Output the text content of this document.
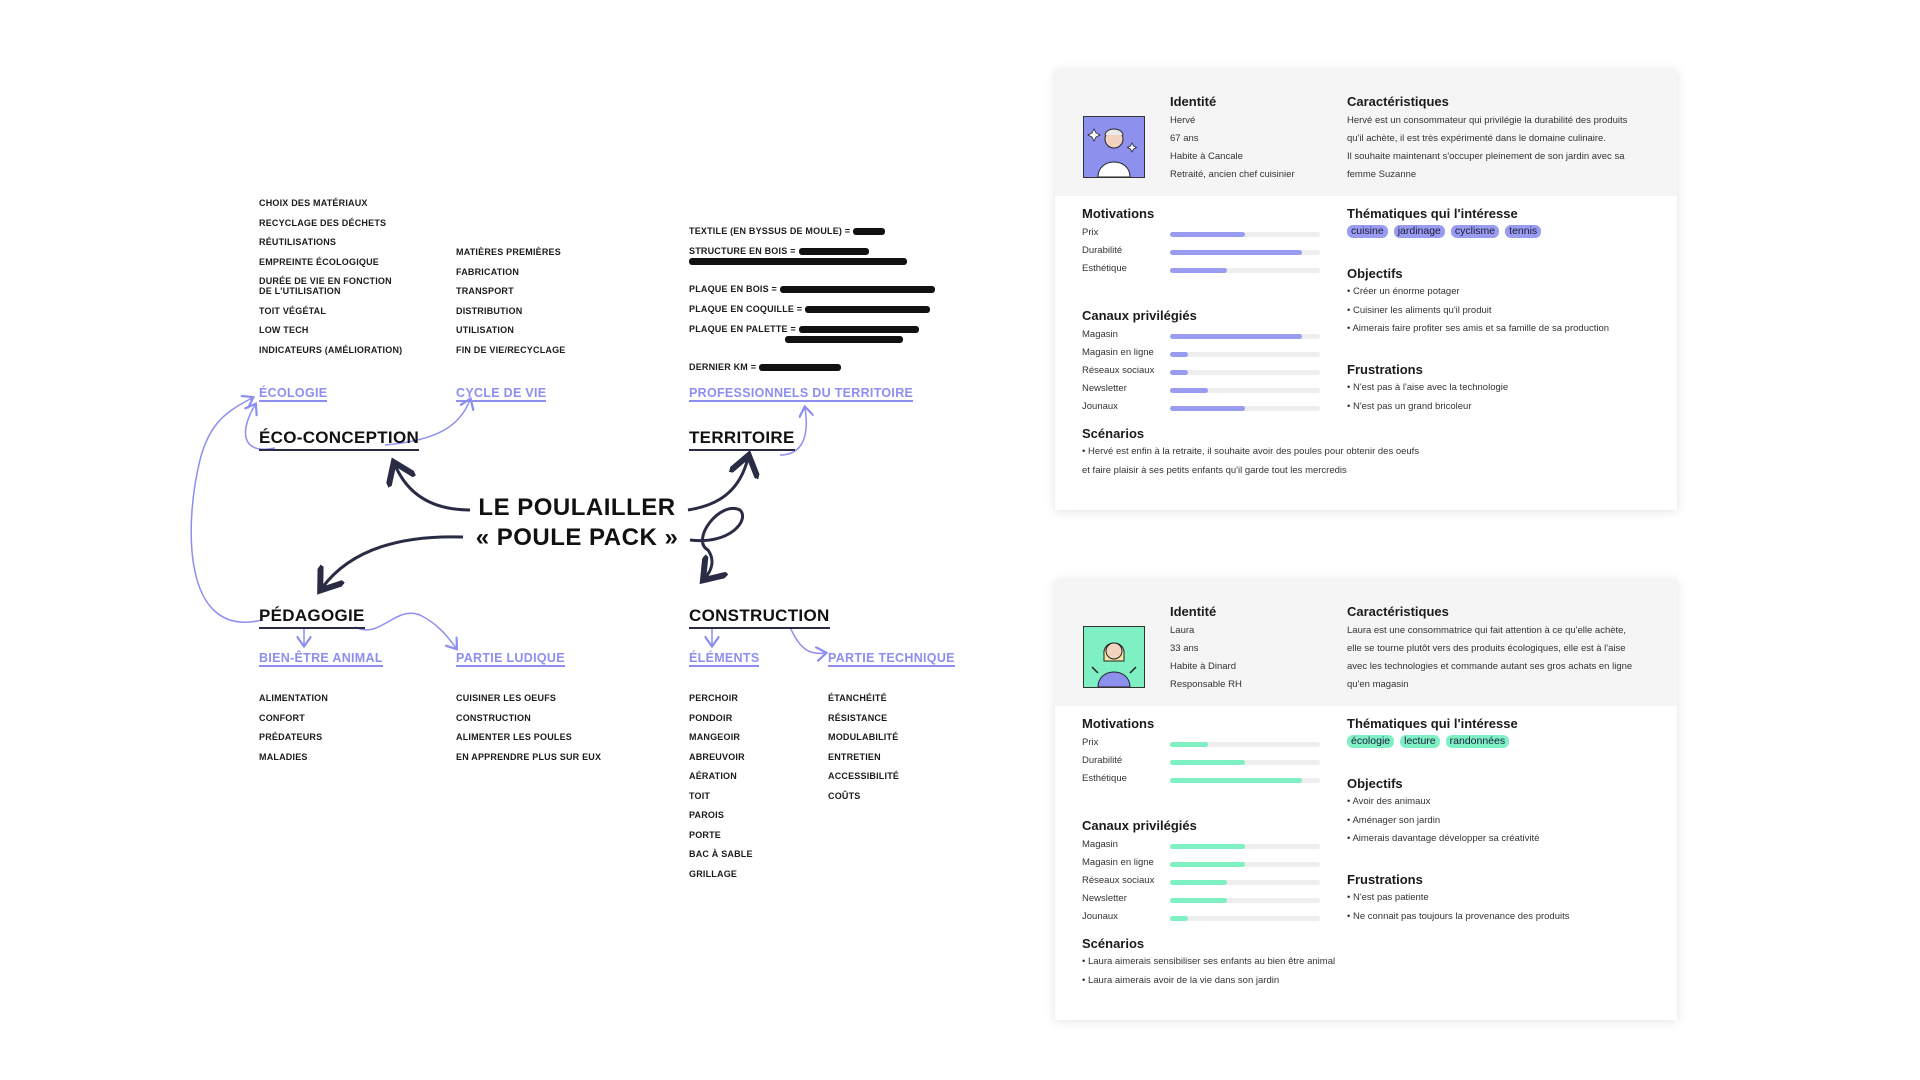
CHOIX DES MATÉRIAUX
RECYCLAGE DES DÉCHETS
RÉUTILISATIONS
EMPREINTE ÉCOLOGIQUE
DURÉE DE VIE EN FONCTION
DE L'UTILISATION
TOIT VÉGÉTAL
LOW TECH
INDICATEURS (AMÉLIORATION)
MATIÈRES PREMIÈRES
FABRICATION
TRANSPORT
DISTRIBUTION
UTILISATION
FIN DE VIE/RECYCLAGE
TEXTILE (EN BYSSUS DE MOULE) =
STRUCTURE EN BOIS =

PLAQUE EN BOIS =
PLAQUE EN COQUILLE =
PLAQUE EN PALETTE =

DERNIER KM =
ÉCOLOGIE	CYCLE DE VIE	PROFESSIONNELS DU TERRITOIRE
ÉCO-CONCEPTION	TERRITOIRE
LE POULAILLER
« POULE PACK »
PÉDAGOGIE	CONSTRUCTION
BIEN-ÊTRE ANIMAL	PARTIE LUDIQUE	ÉLÉMENTS	PARTIE TECHNIQUE
ALIMENTATION
CONFORT
PRÉDATEURS
MALADIES
CUISINER LES OEUFS
CONSTRUCTION
ALIMENTER LES POULES
EN APPRENDRE PLUS SUR EUX
PERCHOIR
PONDOIR
MANGEOIR
ABREUVOIR
AÉRATION
TOIT
PAROIS
PORTE
BAC À SABLE
GRILLAGE
ÉTANCHÉITÉ
RÉSISTANCE
MODULABILITÉ
ENTRETIEN
ACCESSIBILITÉ
COÛTS
Identité
Hervé
67 ans
Habite à Cancale
Retraité, ancien chef cuisinier
Caractéristiques
Hervé est un consommateur qui privilégie la durabilité des produits
qu'il achète, il est très expérimenté dans le domaine culinaire.
Il souhaite maintenant s'occuper pleinement de son jardin avec sa
femme Suzanne
Motivations
Prix
Durabilité
Esthétique
Thématiques qui l'intéresse
cuisine jardinage cyclisme tennis
Objectifs
• Créer un énorme potager
• Cuisiner les aliments qu'il produit
• Aimerais faire profiter ses amis et sa famille de sa production
Canaux privilégiés
Magasin
Magasin en ligne
Réseaux sociaux
Newsletter
Jounaux
Frustrations
• N'est pas à l'aise avec la technologie
• N'est pas un grand bricoleur
Scénarios
• Hervé est enfin à la retraite, il souhaite avoir des poules pour obtenir des oeufs
et faire plaisir à ses petits enfants qu'il garde tout les mercredis
Identité
Laura
33 ans
Habite à Dinard
Responsable RH
Caractéristiques
Laura est une consommatrice qui fait attention à ce qu'elle achète,
elle se tourne plutôt vers des produits écologiques, elle est à l'aise
avec les technologies et commande autant ses gros achats en ligne
qu'en magasin
Motivations
Prix
Durabilité
Esthétique
Thématiques qui l'intéresse
écologie lecture randonnées
Objectifs
• Avoir des animaux
• Aménager son jardin
• Aimerais davantage développer sa créativité
Canaux privilégiés
Magasin
Magasin en ligne
Réseaux sociaux
Newsletter
Jounaux
Frustrations
• N'est pas patiente
• Ne connait pas toujours la provenance des produits
Scénarios
• Laura aimerais sensibiliser ses enfants au bien être animal
• Laura aimerais avoir de la vie dans son jardin
